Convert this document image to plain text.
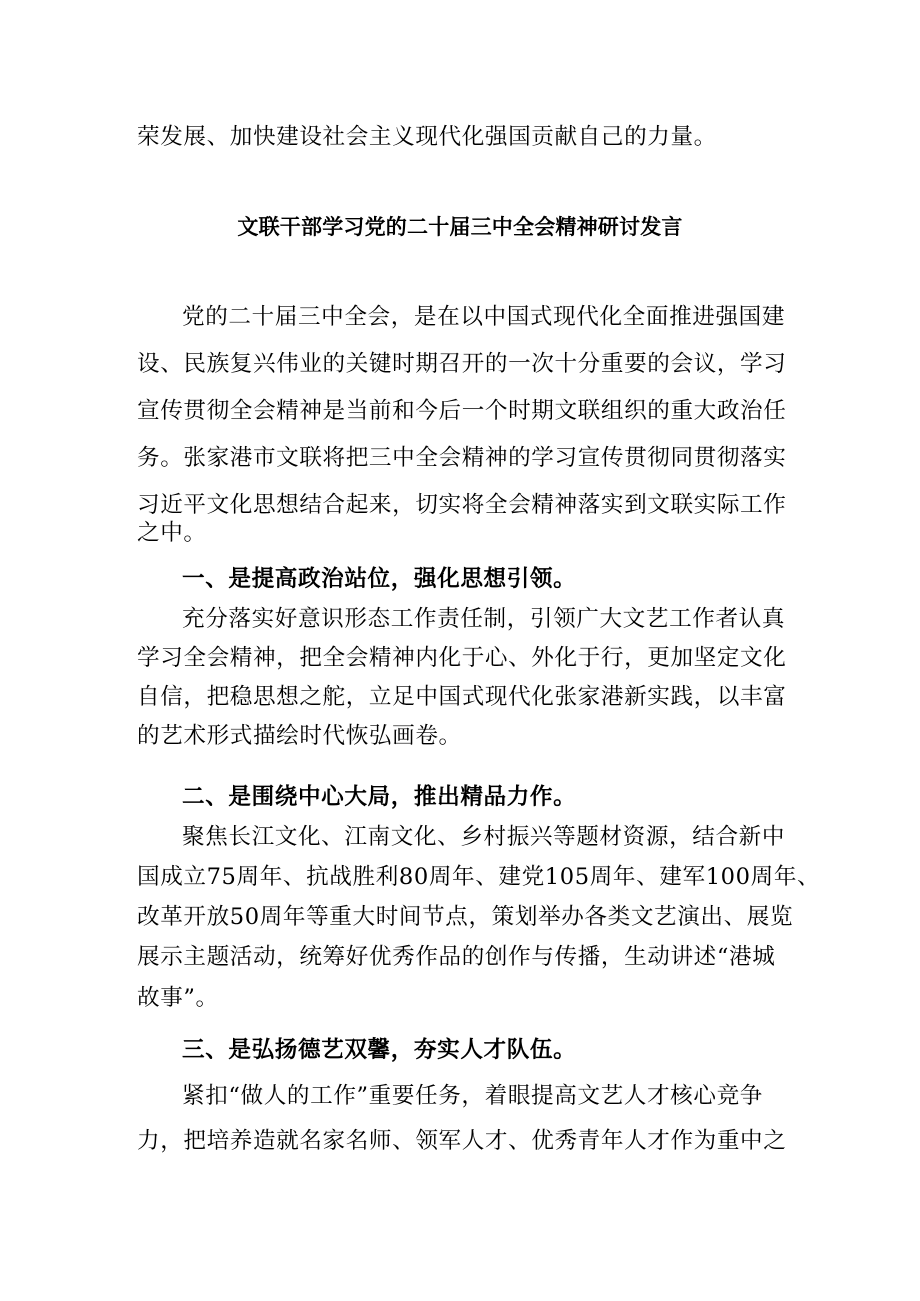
荣发展、加快建设社会主义现代化强国贡献自己的力量。
文联干部学习党的二十届三中全会精神研讨发言
党的二十届三中全会，是在以中国式现代化全面推进强国建
设、民族复兴伟业的关键时期召开的一次十分重要的会议，学习
宣传贯彻全会精神是当前和今后一个时期文联组织的重大政治任
务。张家港市文联将把三中全会精神的学习宣传贯彻同贯彻落实
习近平文化思想结合起来，切实将全会精神落实到文联实际工作
之中。
一、是提高政治站位，强化思想引领。
充分落实好意识形态工作责任制，引领广大文艺工作者认真
学习全会精神，把全会精神内化于心、外化于行，更加坚定文化
自信，把稳思想之舵，立足中国式现代化张家港新实践，以丰富
的艺术形式描绘时代恢弘画卷。
二、是围绕中心大局，推出精品力作。
聚焦长江文化、江南文化、乡村振兴等题材资源，结合新中
国成立75周年、抗战胜利80周年、建党105周年、建军100周年、
改革开放50周年等重大时间节点，策划举办各类文艺演出、展览
展示主题活动，统筹好优秀作品的创作与传播，生动讲述“港城
故事”。
三、是弘扬德艺双馨，夯实人才队伍。
紧扣“做人的工作”重要任务，着眼提高文艺人才核心竞争
力，把培养造就名家名师、领军人才、优秀青年人才作为重中之
